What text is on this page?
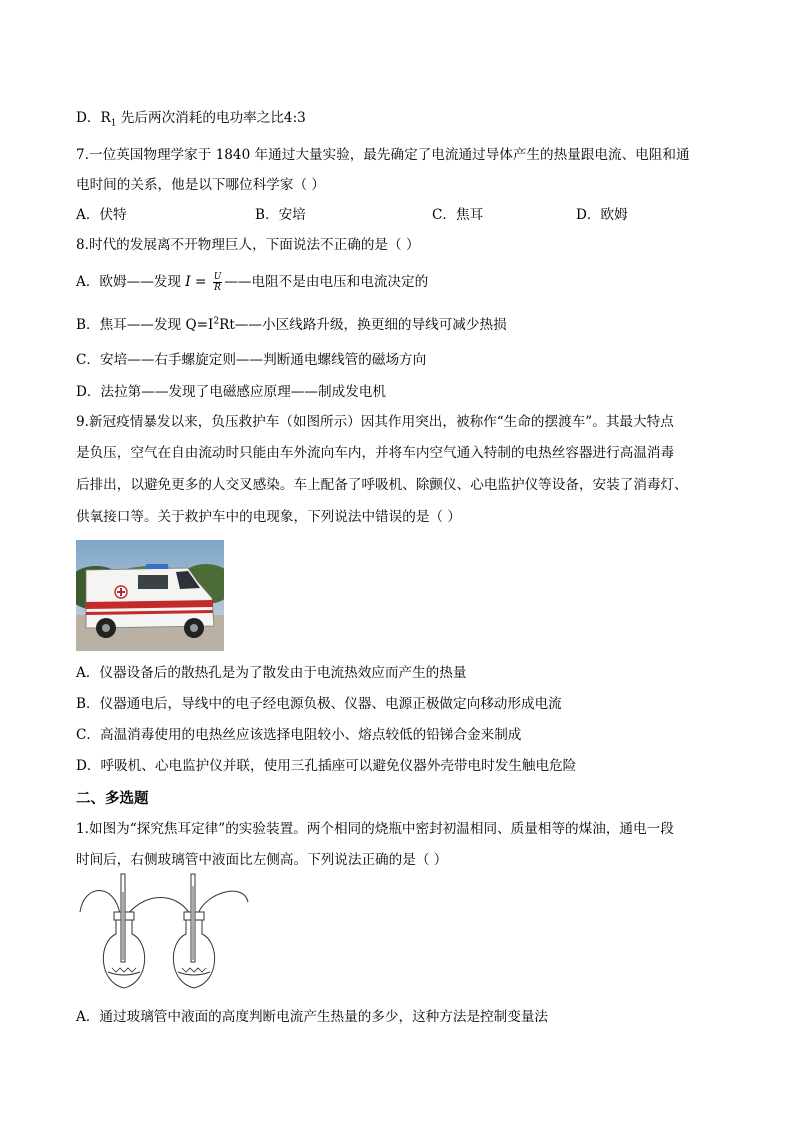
D．$R_1$ 先后两次消耗的电功率之比4:3
7.一位英国物理学家于 1840 年通过大量实验，最先确定了电流通过导体产生的热量跟电流、电阻和通
电时间的关系，他是以下哪位科学家（ ）
A．伏特	B．安培	C．焦耳	D．欧姆
8.时代的发展离不开物理巨人，下面说法不正确的是（ ）
A．欧姆——发现 $I = \frac{U}{R}$ ——电阻不是由电压和电流决定的
B．焦耳——发现 $Q=I^2Rt——$小区线路升级，换更细的导线可减少热损
C．安培——右手螺旋定则——判断通电螺线管的磁场方向
D．法拉第——发现了电磁感应原理——制成发电机
9.新冠疫情暴发以来，负压救护车（如图所示）因其作用突出，被称作“生命的摆渡车”。其最大特点
是负压，空气在自由流动时只能由车外流向车内，并将车内空气通入特制的电热丝容器进行高温消毒
后排出，以避免更多的人交叉感染。车上配备了呼吸机、除颤仪、心电监护仪等设备，安装了消毒灯、
供氧接口等。关于救护车中的电现象，下列说法中错误的是（ ）
A．仪器设备后的散热孔是为了散发由于电流热效应而产生的热量
B．仪器通电后，导线中的电子经电源负极、仪器、电源正极做定向移动形成电流
C．高温消毒使用的电热丝应该选择电阻较小、熔点较低的铅锑合金来制成
D．呼吸机、心电监护仪并联，使用三孔插座可以避免仪器外壳带电时发生触电危险
二、多选题
1.如图为“探究焦耳定律”的实验装置。两个相同的烧瓶中密封初温相同、质量相等的煤油，通电一段
时间后，右侧玻璃管中液面比左侧高。下列说法正确的是（ ）
A．通过玻璃管中液面的高度判断电流产生热量的多少，这种方法是控制变量法
